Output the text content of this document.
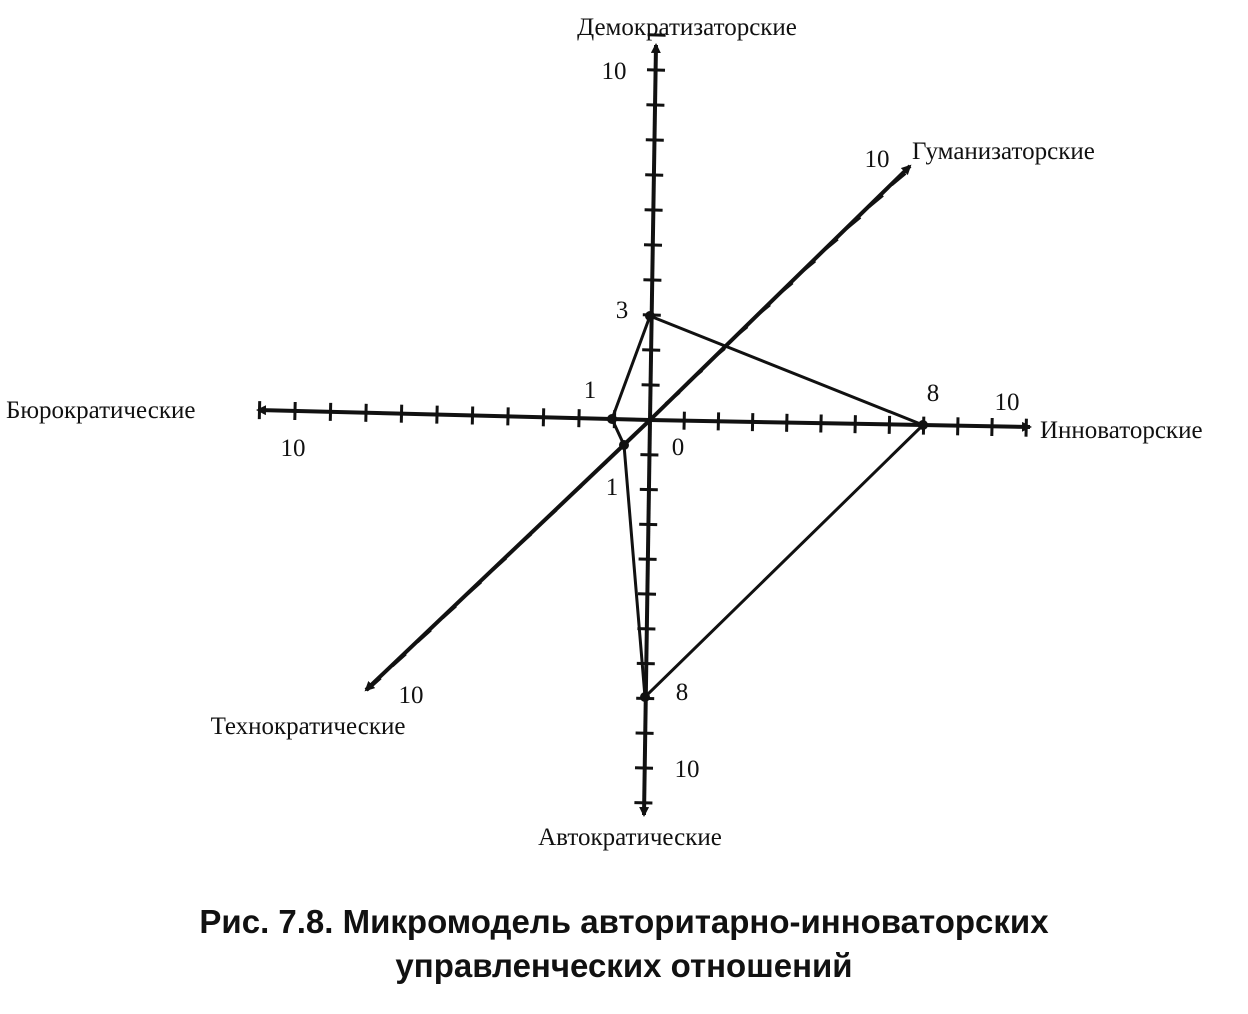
Демократизаторские
Гуманизаторские
Инноваторские
Автократические
Технократические
Бюрократические
10
10
10
10
10
10
3
8
8
1
1
0
Рис. 7.8. Микромодель авторитарно-инноваторских
управленческих отношений
